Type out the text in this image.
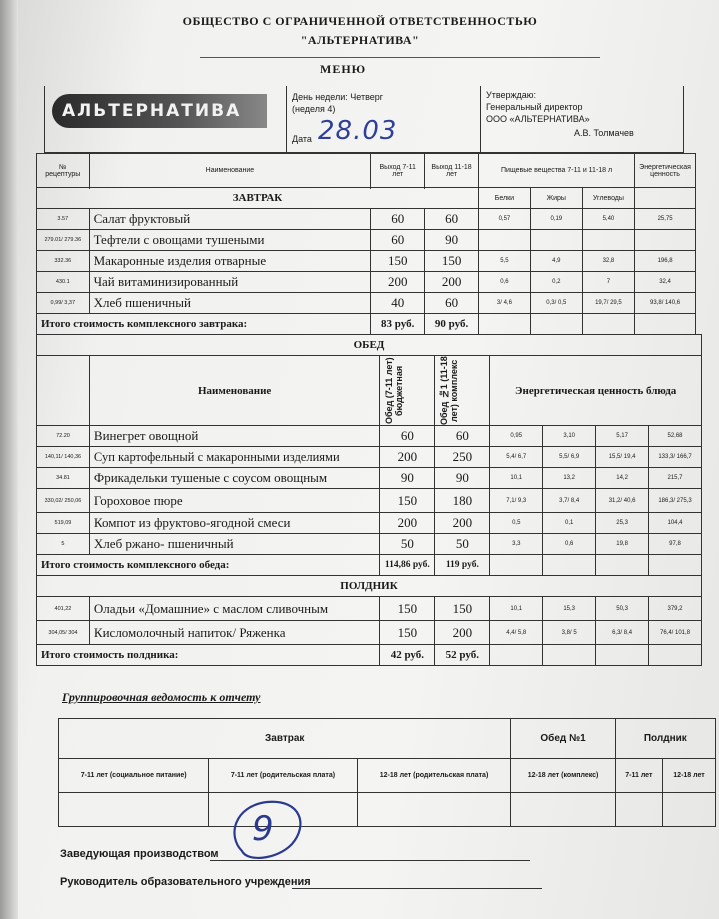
ОБЩЕСТВО С ОГРАНИЧЕННОЙ ОТВЕТСТВЕННОСТЬЮ
"АЛЬТЕРНАТИВА"
МЕНЮ
АЛЬТЕРНАТИВА
День недели: Четверг
(неделя 4)
Дата 28.03
Утверждаю:
Генеральный директор
ООО «АЛЬТЕРНАТИВА»
А.В. Толмачев
№ рецептуры	Наименование	Выход 7-11 лет	Выход 11-18 лет	Пищевые вещества 7-11 и 11-18 л			Энергетическая ценность
				Белки	Жиры	Углеводы	
ЗАВТРАК							
3.57	Салат фруктовый	60	60	0,57	0,19	5,40	25,75
279.01/ 279.36	Тефтели с овощами тушеными	60	90				
332.36	Макаронные изделия отварные	150	150	5,5	4,9	32,8	196,8
430.1	Чай витаминизированный	200	200	0,6	0,2	7	32,4
0,99/ 3,37	Хлеб пшеничный	40	60	3/ 4,6	0,3/ 0,5	19,7/ 29,5	93,8/ 140,6
Итого стоимость комплексного завтрака:		83 руб.	90 руб.				
ОБЕД							
	Наименование	Обед (7-11 лет) бюджетная	Обед №1 (11-18 лет) комплекс	Энергетическая ценность блюда			
72.20	Винегрет овощной	60	60	0,95	3,10	5,17	52,68
140,11/ 140,36	Суп картофельный с макаронными изделиями	200	250	5,4/ 6,7	5,5/ 6,9	15,5/ 19,4	133,3/ 166,7
34.81	Фрикадельки тушеные с соусом овощным	90	90	10,1	13,2	14,2	215,7
330,02/ 250,06	Гороховое пюре	150	180	7,1/ 9,3	3,7/ 8,4	31,2/ 40,6	186,3/ 275,3
519,09	Компот из фруктово-ягодной смеси	200	200	0,5	0,1	25,3	104,4
5	Хлеб ржано- пшеничный	50	50	3,3	0,6	19,8	97,8
Итого стоимость комплексного обеда:		114,86 руб.	119 руб.				
ПОЛДНИК							
401,22	Оладьи «Домашние» с маслом сливочным	150	150	10,1	15,3	50,3	379,2
304,05/ 304	Кисломолочный напиток/ Ряженка	150	200	4,4/ 5,8	3,8/ 5	6,3/ 8,4	76,4/ 101,8
Итого стоимость полдника:		42 руб.	52 руб.				
Группировочная ведомость к отчету
Завтрак			Обед №1	Полдник	
7-11 лет (социальное питание)	7-11 лет (родительская плата)	12-18 лет (родительская плата)	12-18 лет (комплекс)	7-11 лет	12-18 лет

Заведующая производством
Руководитель образовательного учреждения
9
